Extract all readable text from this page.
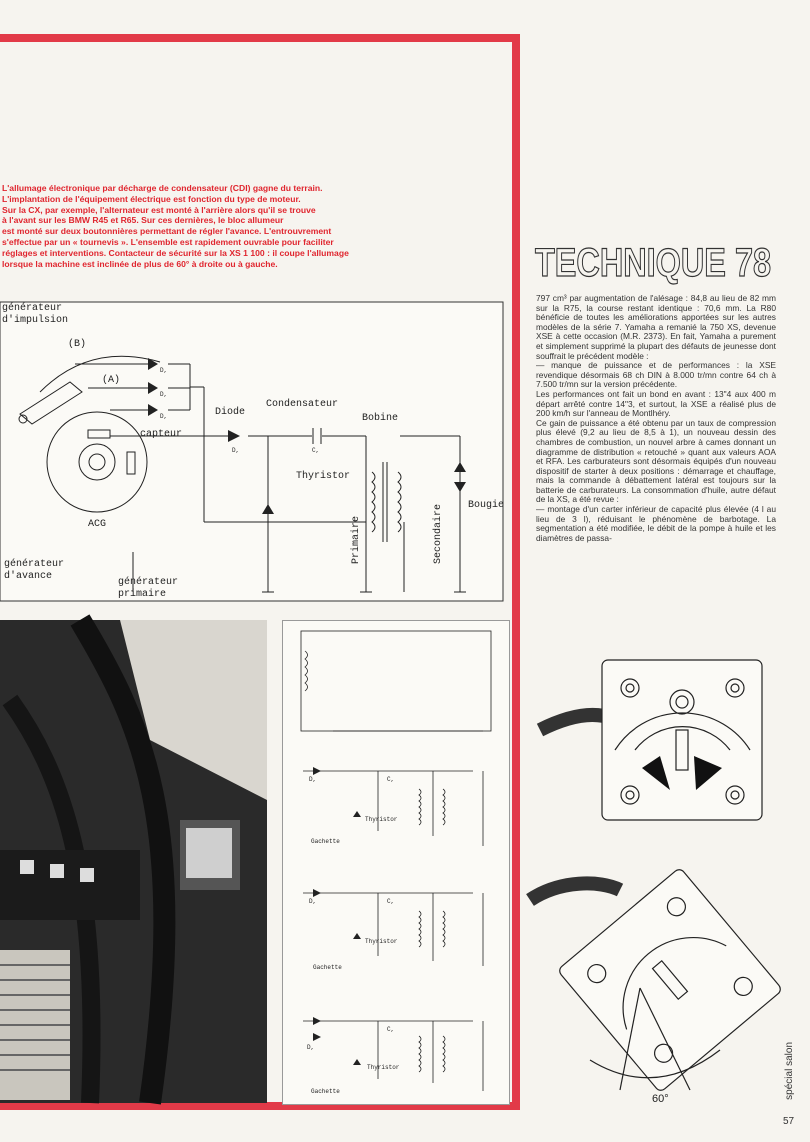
L'allumage électronique par décharge de condensateur (CDI) gagne du terrain.
L'implantation de l'équipement électrique est fonction du type de moteur.
Sur la CX, par exemple, l'alternateur est monté à l'arrière alors qu'il se trouve
à l'avant sur les BMW R45 et R65. Sur ces dernières, le bloc allumeur
est monté sur deux boutonnières permettant de régler l'avance. L'entrouvrement
s'effectue par un « tournevis ». L'ensemble est rapidement ouvrable pour faciliter
réglages et interventions. Contacteur de sécurité sur la XS 1 100 : il coupe l'allumage
lorsque la machine est inclinée de plus de 60° à droite ou à gauche.
générateur
d'impulsion
(B)
(A)
D,
D,
D,	Diode
D,
Condensateur
C,
Bobine
capteur
Thyristor
Primaire	Secondaire Bougie
ACG
générateur
d'avance
générateur
primaire
Thyristor
Gachette
Thyristor
Gachette
Thyristor
Gachette
C,
C,
C,
D,
D,
D,
TECHNIQUE 78

797 cm³ par augmentation de l'alésage : 84,8 au lieu de 82 mm sur la R75, la course restant identique : 70,6 mm. La R80 bénéficie de toutes les améliorations apportées sur les autres modèles de la série 7. Yamaha a remanié la 750 XS, devenue XSE à cette occasion (M.R. 2373). En fait, Yamaha a purement et simplement supprimé la plupart des défauts de jeunesse dont souffrait le précédent modèle :

— manque de puissance et de performances : la XSE revendique désormais 68 ch DIN à 8.000 tr/mn contre 64 ch à 7.500 tr/mn sur la version précédente.

Les performances ont fait un bond en avant : 13"4 aux 400 m départ arrêté contre 14"3, et surtout, la XSE a réalisé plus de 200 km/h sur l'anneau de Montlhéry.

Ce gain de puissance a été obtenu par un taux de compression plus élevé (9,2 au lieu de 8,5 à 1), un nouveau dessin des chambres de combustion, un nouvel arbre à cames donnant un diagramme de distribution « retouché » quant aux valeurs AOA et RFA. Les carburateurs sont désormais équipés d'un nouveau dispositif de starter à deux positions : démarrage et chauffage, mais la commande à débattement latéral est toujours sur la batterie de carburateurs. La consommation d'huile, autre défaut de la XS, a été revue :

— montage d'un carter inférieur de capacité plus élevée (4 l au lieu de 3 l), réduisant le phénomène de barbotage. La segmentation a été modifiée, le débit de la pompe à huile et les diamètres de passa-

60°	spécial salon
57
